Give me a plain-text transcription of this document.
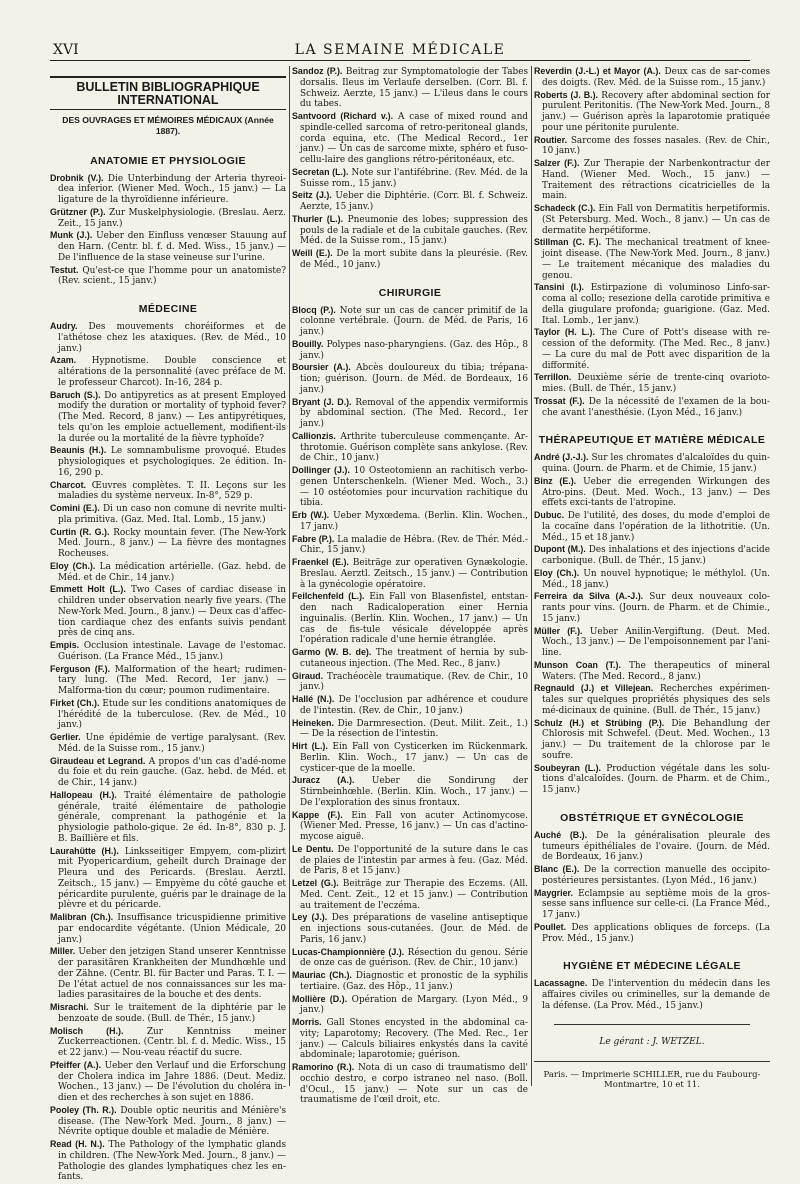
XVI	LA SEMAINE MÉDICALE
BULLETIN BIBLIOGRAPHIQUE INTERNATIONAL
DES OUVRAGES ET MÉMOIRES MÉDICAUX (Année 1887).
ANATOMIE ET PHYSIOLOGIE
Drobnik (V.). Die Unterbindung der Arteria thyreoi-dea inferior. (Wiener Med. Woch., 15 janv.) — La ligature de la thyroïdienne inférieure.
Grützner (P.). Zur Muskelphysiologie. (Breslau. Aerz. Zeit., 15 janv.)
Munk (J.). Ueber den Einfluss venœser Stauung auf den Harn. (Centr. bl. f. d. Med. Wiss., 15 janv.) — De l'influence de la stase veineuse sur l'urine.
Testut. Qu'est-ce que l'homme pour un anatomiste? (Rev. scient., 15 janv.)
MÉDECINE
Audry. Des mouvements choréiformes et de l'athétose chez les ataxiques. (Rev. de Méd., 10 janv.)
Azam. Hypnotisme. Double conscience et altérations de la personnalité (avec préface de M. le professeur Charcot). In-16, 284 p.
Baruch (S.). Do antipyretics as at present Employed modify the duration or mortality of typhoid fever? (The Med. Record, 8 janv.) — Les antipyrétiques, tels qu'on les emploie actuellement, modifient-ils la durée ou la mortalité de la fièvre typhoïde?
Beaunis (H.). Le somnambulisme provoqué. Etudes physiologiques et psychologiques. 2e édition. In-16, 290 p.
Charcot. Œuvres complètes. T. II. Leçons sur les maladies du système nerveux. In-8°, 529 p.
Comini (E.). Di un caso non comune di nevrite multi-pla primitiva. (Gaz. Med. Ital. Lomb., 15 janv.)
Curtin (R. G.). Rocky mountain fever. (The New-York Med. Journ., 8 janv.) — La fièvre des montagnes Rocheuses.
Eloy (Ch.). La médication artérielle. (Gaz. hebd. de Méd. et de Chir., 14 janv.)
Emmett Holt (L.). Two Cases of cardiac disease in children under observation nearly five years. (The New-York Med. Journ., 8 janv.) — Deux cas d'affec-tion cardiaque chez des enfants suivis pendant près de cinq ans.
Empis. Occlusion intestinale. Lavage de l'estomac. Guérison. (La France Méd., 15 janv.)
Ferguson (F.). Malformation of the heart; rudimen-tary lung. (The Med. Record, 1er janv.) — Malforma-tion du cœur; poumon rudimentaire.
Firket (Ch.). Etude sur les conditions anatomiques de l'hérédité de la tuberculose. (Rev. de Méd., 10 janv.)
Gerlier. Une épidémie de vertige paralysant. (Rev. Méd. de la Suisse rom., 15 janv.)
Giraudeau et Legrand. A propos d'un cas d'adé-nome du foie et du rein gauche. (Gaz. hebd. de Méd. et de Chir., 14 janv.)
Hallopeau (H.). Traité élémentaire de pathologie générale, traité élémentaire de pathologie générale, comprenant la pathogénie et la physiologie patholo-gique. 2e éd. In-8°, 830 p. J. B. Baillière et fils.
Laurahütte (H.). Linksseitiger Empyem, com-plizirt mit Pyopericardium, geheilt durch Drainage der Pleura und des Pericards. (Breslau. Aerztl. Zeitsch., 15 janv.) — Empyème du côté gauche et péricardite purulente, guéris par le drainage de la plèvre et du péricarde.
Malibran (Ch.). Insuffisance tricuspidienne primitive par endocardite végétante. (Union Médicale, 20 janv.)
Miller. Ueber den jetzigen Stand unserer Kenntnisse der parasitären Krankheiten der Mundhœhle und der Zähne. (Centr. Bl. für Bacter und Paras. T. I. — De l'état actuel de nos connaissances sur les ma-ladies parasitaires de la bouche et des dents.
Misrachi. Sur le traitement de la diphtérie par le benzoate de soude. (Bull. de Thér., 15 janv.)
Molisch (H.). Zur Kenntniss meiner Zuckerreactionen. (Centr. bl. f. d. Medic. Wiss., 15 et 22 janv.) — Nou-veau réactif du sucre.
Pfeiffer (A.). Ueber den Verlauf und die Erforschung der Cholera indica im Jahre 1886. (Deut. Mediz. Wochen., 13 janv.) — De l'évolution du choléra in-dien et des recherches à son sujet en 1886.
Pooley (Th. R.). Double optic neuritis and Ménière's disease. (The New-York Med. Journ., 8 janv.) — Névrite optique double et maladie de Ménière.
Read (H. N.). The Pathology of the lymphatic glands in children. (The New-York Med. Journ., 8 janv.) — Pathologie des glandes lymphatiques chez les en-fants.
Sandoz (P.). Beitrag zur Symptomatologie der Tabes dorsalis. Ileus im Verlaufe derselben. (Corr. Bl. f. Schweiz. Aerzte, 15 janv.) — L'ileus dans le cours du tabes.
Santvoord (Richard v.). A case of mixed round and spindle-celled sarcoma of retro-peritoneal glands, corda equina, etc. (The Medical Record., 1er janv.) — Un cas de sarcome mixte, sphéro et fuso-cellu-laire des ganglions rétro-péritonéaux, etc.
Secretan (L.). Note sur l'antifébrine. (Rev. Méd. de la Suisse rom., 15 janv.)
Seitz (J.). Ueber die Diphtérie. (Corr. Bl. f. Schweiz. Aerzte, 15 janv.)
Thurler (L.). Pneumonie des lobes; suppression des pouls de la radiale et de la cubitale gauches. (Rev. Méd. de la Suisse rom., 15 janv.)
Weill (E.). De la mort subite dans la pleurésie. (Rev. de Méd., 10 janv.)
CHIRURGIE
Blocq (P.). Note sur un cas de cancer primitif de la colonne vertébrale. (Journ. de Méd. de Paris, 16 janv.)
Bouilly. Polypes naso-pharyngiens. (Gaz. des Hôp., 8 janv.)
Boursier (A.). Abcès douloureux du tibia; trépana-tion; guérison. (Journ. de Méd. de Bordeaux, 16 janv.)
Bryant (J. D.). Removal of the appendix vermiformis by abdominal section. (The Med. Record., 1er janv.)
Callionzis. Arthrite tuberculeuse commençante. Ar-throtomie. Guérison complète sans ankylose. (Rev. de Chir., 10 janv.)
Dollinger (J.). 10 Osteotomienn an rachitisch verbo-genen Unterschenkeln. (Wiener Med. Woch., 3.) — 10 ostéotomies pour incurvation rachitique du tibia.
Erb (W.). Ueber Myxœdema. (Berlin. Klin. Wochen., 17 janv.)
Fabre (P.). La maladie de Hébra. (Rev. de Thér. Méd.-Chir., 15 janv.)
Fraenkel (E.). Beiträge zur operativen Gynækologie. Breslau. Aerztl. Zeitsch., 15 janv.) — Contribution à la gynécologie opératoire.
Feilchenfeld (L.). Ein Fall von Blasenfistel, entstan-den nach Radicaloperation einer Hernia inguinalis. (Berlin. Klin. Wochen., 17 janv.) — Un cas de fis-tule vésicale développée après l'opération radicale d'une hernie étranglée.
Garmo (W. B. de). The treatment of hernia by sub-cutaneous injection. (The Med. Rec., 8 janv.)
Giraud. Trachéocèle traumatique. (Rev. de Chir., 10 janv.)
Hallé (N.). De l'occlusion par adhérence et coudure de l'intestin. (Rev. de Chir., 10 janv.)
Heineken. Die Darmresection. (Deut. Milit. Zeit., 1.) — De la résection de l'intestin.
Hirt (L.). Ein Fall von Cysticerken im Rückenmark. Berlin. Klin. Woch., 17 janv.) — Un cas de cysticer-que de la moelle.
Juracz (A.). Ueber die Sondirung der Stirnbeinhœhle. (Berlin. Klin. Woch., 17 janv.) — De l'exploration des sinus frontaux.
Kappe (F.). Ein Fall von acuter Actinomycose. (Wiener Med. Presse, 16 janv.) — Un cas d'actino-mycose aiguë.
Le Dentu. De l'opportunité de la suture dans le cas de plaies de l'intestin par armes à feu. (Gaz. Méd. de Paris, 8 et 15 janv.)
Letzel (G.). Beiträge zur Therapie des Eczems. (All. Med. Cent. Zeit., 12 et 15 janv.) — Contribution au traitement de l'eczéma.
Ley (J.). Des préparations de vaseline antiseptique en injections sous-cutanées. (Jour. de Méd. de Paris, 16 janv.)
Lucas-Championnière (J.). Résection du genou. Série de onze cas de guérison. (Rev. de Chir., 10 janv.)
Mauriac (Ch.). Diagnostic et pronostic de la syphilis tertiaire. (Gaz. des Hôp., 11 janv.)
Mollière (D.). Opération de Margary. (Lyon Méd., 9 janv.)
Morris. Gall Stones encysted in the abdominal ca-vity; Laparotomy; Recovery. (The Med. Rec., 1er janv.) — Calculs biliaires enkystés dans la cavité abdominale; laparotomie; guérison.
Ramorino (R.). Nota di un caso di traumatismo dell' occhio destro, e corpo istraneo nel naso. (Boll. d'Ocul., 15 janv.) — Note sur un cas de traumatisme de l'œil droit, etc.
Reverdin (J.-L.) et Mayor (A.). Deux cas de sar-comes des doigts. (Rev. Méd. de la Suisse rom., 15 janv.)
Roberts (J. B.). Recovery after abdominal section for purulent Peritonitis. (The New-York Med. Journ., 8 janv.) — Guérison après la laparotomie pratiquée pour une péritonite purulente.
Routier. Sarcome des fosses nasales. (Rev. de Chir., 10 janv.)
Salzer (F.). Zur Therapie der Narbenkontractur der Hand. (Wiener Med. Woch., 15 janv.) — Traitement des rétractions cicatricielles de la main.
Schadeck (C.). Ein Fall von Dermatitis herpetiformis. (St Petersburg. Med. Woch., 8 janv.) — Un cas de dermatite herpétiforme.
Stillman (C. F.). The mechanical treatment of knee-joint disease. (The New-York Med. Journ., 8 janv.) — Le traitement mécanique des maladies du genou.
Tansini (I.). Estirpazione di voluminoso Linfo-sar-coma al collo; resezione della carotide primitiva e della giugulare profonda; guarigione. (Gaz. Med. Ital. Lomb., 1er janv.)
Taylor (H. L.). The Cure of Pott's disease with re-cession of the deformity. (The Med. Rec., 8 janv.) — La cure du mal de Pott avec disparition de la difformité.
Terrillon. Deuxième série de trente-cinq ovarioto-mies. (Bull. de Thér., 15 janv.)
Trossat (F.). De la nécessité de l'examen de la bou-che avant l'anesthésie. (Lyon Méd., 16 janv.)
THÉRAPEUTIQUE ET MATIÈRE MÉDICALE
André (J.-J.). Sur les chromates d'alcaloïdes du quin-quina. (Journ. de Pharm. et de Chimie, 15 janv.)
Binz (E.). Ueber die erregenden Wirkungen des Atro-pins. (Deut. Med. Woch., 13 janv.) — Des effets exci-tants de l'atropine.
Dubuc. De l'utilité, des doses, du mode d'emploi de la cocaïne dans l'opération de la lithotritie. (Un. Méd., 15 et 18 janv.)
Dupont (M.). Des inhalations et des injections d'acide carbonique. (Bull. de Thér., 15 janv.)
Eloy (Ch.). Un nouvel hypnotique; le méthylol. (Un. Méd., 18 janv.)
Ferreira da Silva (A.-J.). Sur deux nouveaux colo-rants pour vins. (Journ. de Pharm. et de Chimie., 15 janv.)
Müller (F.). Ueber Anilin-Vergiftung. (Deut. Med. Woch., 13 janv.) — De l'empoisonnement par l'ani-line.
Munson Coan (T.). The therapeutics of mineral Waters. (The Med. Record., 8 janv.)
Regnauld (J.) et Villejean. Recherches expérimen-tales sur quelques propriétés physiques des sels mé-dicinaux de quinine. (Bull. de Thér., 15 janv.)
Schulz (H.) et Strübing (P.). Die Behandlung der Chlorosis mit Schwefel. (Deut. Med. Wochen., 13 janv.) — Du traitement de la chlorose par le soufre.
Soubeyran (L.). Production végétale dans les solu-tions d'alcaloïdes. (Journ. de Pharm. et de Chim., 15 janv.)
OBSTÉTRIQUE ET GYNÉCOLOGIE
Auché (B.). De la généralisation pleurale des tumeurs épithéliales de l'ovaire. (Journ. de Méd. de Bordeaux, 16 janv.)
Blanc (E.). De la correction manuelle des occipito-postérieures persistantes. (Lyon Méd., 16 janv.)
Maygrier. Eclampsie au septième mois de la gros-sesse sans influence sur celle-ci. (La France Méd., 17 janv.)
Poullet. Des applications obliques de forceps. (La Prov. Méd., 15 janv.)
HYGIÈNE ET MÉDECINE LÉGALE
Lacassagne. De l'intervention du médecin dans les affaires civiles ou criminelles, sur la demande de la défense. (La Prov. Méd., 15 janv.)
Le gérant : J. WETZEL.
Paris. — Imprimerie SCHILLER, rue du Faubourg-Montmartre, 10 et 11.
